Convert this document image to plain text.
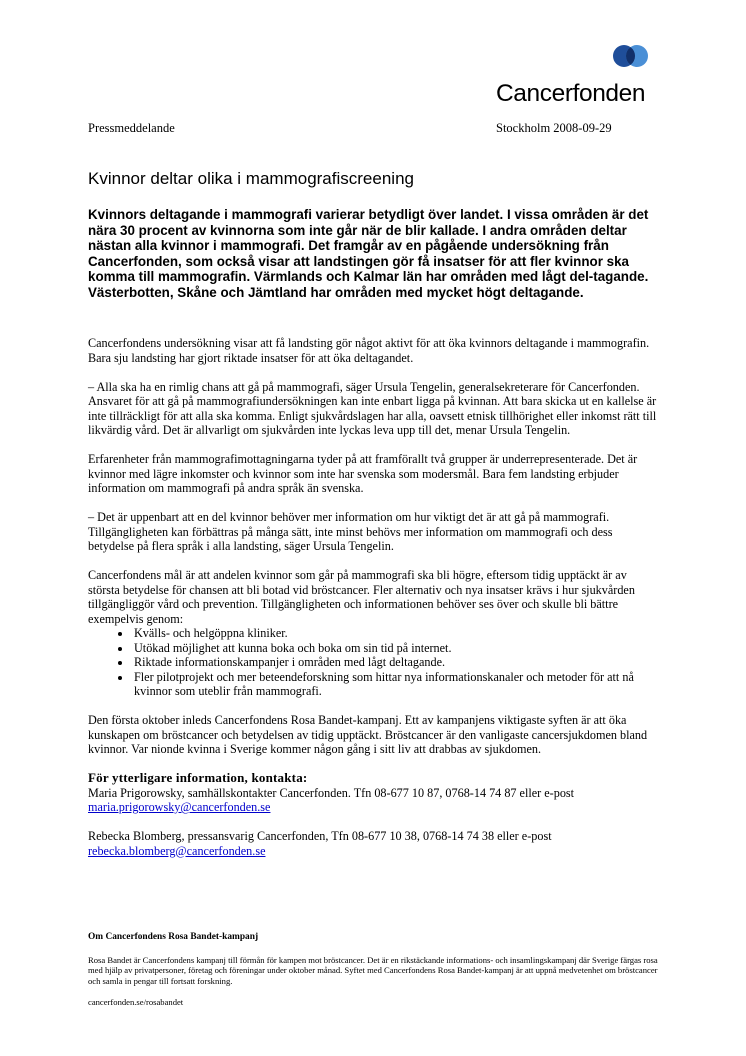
Cancerfonden
Pressmeddelande	Stockholm 2008-09-29
Kvinnor deltar olika i mammografiscreening

Kvinnors deltagande i mammografi varierar betydligt över landet. I vissa områden är det nära 30 procent av kvinnorna som inte går när de blir kallade. I andra områden deltar nästan alla kvinnor i mammografi. Det framgår av en pågående undersökning från Cancerfonden, som också visar att landstingen gör få insatser för att fler kvinnor ska komma till mammografin. Värmlands och Kalmar län har områden med lågt del-tagande. Västerbotten, Skåne och Jämtland har områden med mycket högt deltagande.

Cancerfondens undersökning visar att få landsting gör något aktivt för att öka kvinnors deltagande i mammografin. Bara sju landsting har gjort riktade insatser för att öka deltagandet.

– Alla ska ha en rimlig chans att gå på mammografi, säger Ursula Tengelin, generalsekreterare för Cancerfonden. Ansvaret för att gå på mammografiundersökningen kan inte enbart ligga på kvinnan. Att bara skicka ut en kallelse är inte tillräckligt för att alla ska komma. Enligt sjukvårdslagen har alla, oavsett etnisk tillhörighet eller inkomst rätt till likvärdig vård. Det är allvarligt om sjukvården inte lyckas leva upp till det, menar Ursula Tengelin.

Erfarenheter från mammografimottagningarna tyder på att framförallt två grupper är underrepresenterade. Det är kvinnor med lägre inkomster och kvinnor som inte har svenska som modersmål. Bara fem landsting erbjuder information om mammografi på andra språk än svenska.

– Det är uppenbart att en del kvinnor behöver mer information om hur viktigt det är att gå på mammografi. Tillgängligheten kan förbättras på många sätt, inte minst behövs mer information om mammografi och dess betydelse på flera språk i alla landsting, säger Ursula Tengelin.

Cancerfondens mål är att andelen kvinnor som går på mammografi ska bli högre, eftersom tidig upptäckt är av största betydelse för chansen att bli botad vid bröstcancer. Fler alternativ och nya insatser krävs i hur sjukvården tillgängliggör vård och prevention. Tillgängligheten och informationen behöver ses över och skulle bli bättre exempelvis genom:

• Kvälls- och helgöppna kliniker.
• Utökad möjlighet att kunna boka och boka om sin tid på internet.
• Riktade informationskampanjer i områden med lågt deltagande.
• Fler pilotprojekt och mer beteendeforskning som hittar nya informationskanaler och metoder för att nå kvinnor som uteblir från mammografi.

Den första oktober inleds Cancerfondens Rosa Bandet-kampanj. Ett av kampanjens viktigaste syften är att öka kunskapen om bröstcancer och betydelsen av tidig upptäckt. Bröstcancer är den vanligaste cancersjukdomen bland kvinnor. Var nionde kvinna i Sverige kommer någon gång i sitt liv att drabbas av sjukdomen.

För ytterligare information, kontakta:
Maria Prigorowsky, samhällskontakter Cancerfonden. Tfn 08-677 10 87, 0768-14 74 87 eller e-post

maria.prigorowsky@cancerfonden.se

Rebecka Blomberg, pressansvarig Cancerfonden, Tfn 08-677 10 38, 0768-14 74 38 eller e-post
rebecka.blomberg@cancerfonden.se

Om Cancerfondens Rosa Bandet-kampanj

Rosa Bandet är Cancerfondens kampanj till förmån för kampen mot bröstcancer. Det är en rikstäckande informations- och insamlingskampanj där Sverige färgas rosa med hjälp av privatpersoner, företag och föreningar under oktober månad. Syftet med Cancerfondens Rosa Bandet-kampanj är att uppnå medvetenhet om bröstcancer och samla in pengar till fortsatt forskning.

cancerfonden.se/rosabandet
